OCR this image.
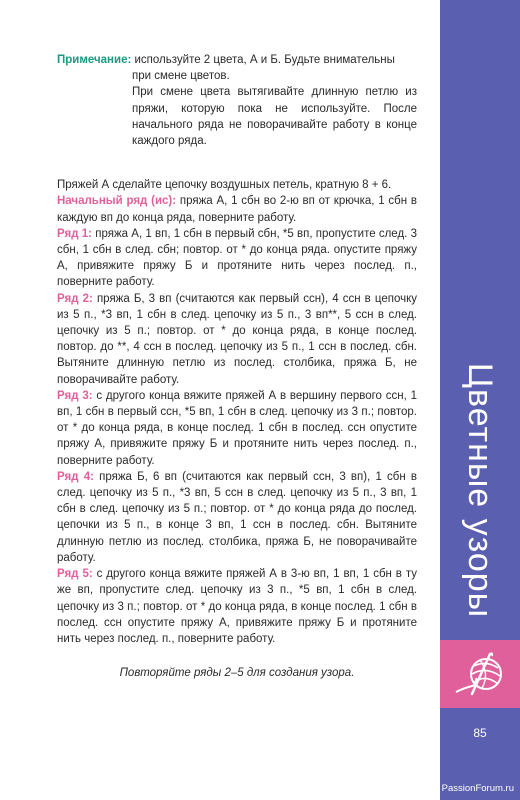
Примечание: используйте 2 цвета, А и Б. Будьте внимательны

при смене цветов.

При смене цвета вытягивайте длинную петлю из пряжи, которую пока не используйте. После начального ряда не поворачивайте работу в конце каждого ряда.

Пряжей А сделайте цепочку воздушных петель, кратную 8 + 6.

Начальный ряд (ис): пряжа А, 1 сбн во 2-ю вп от крючка, 1 сбн в каждую вп до конца ряда, поверните работу.

Ряд 1: пряжа А, 1 вп, 1 сбн в первый сбн, *5 вп, пропустите след. 3 сбн, 1 сбн в след. сбн; повтор. от * до конца ряда. опустите пряжу А, привяжите пряжу Б и протяните нить через послед. п., поверните работу.

Ряд 2: пряжа Б, 3 вп (считаются как первый ссн), 4 ссн в цепочку из 5 п., *3 вп, 1 сбн в след. цепочку из 5 п., 3 вп**, 5 ссн в след. цепочку из 5 п.; повтор. от * до конца ряда, в конце послед. повтор. до **, 4 ссн в послед. цепочку из 5 п., 1 ссн в послед. сбн. Вытяните длинную петлю из послед. столбика, пряжа Б, не поворачивайте работу.

Ряд 3: с другого конца вяжите пряжей А в вершину первого ссн, 1 вп, 1 сбн в первый ссн, *5 вп, 1 сбн в след. цепочку из 3 п.; повтор. от * до конца ряда, в конце послед. 1 сбн в послед. ссн опустите пряжу А, привяжите пряжу Б и протяните нить через послед. п., поверните работу.

Ряд 4: пряжа Б, 6 вп (считаются как первый ссн, 3 вп), 1 сбн в след. цепочку из 5 п., *3 вп, 5 ссн в след. цепочку из 5 п., 3 вп, 1 сбн в след. цепочку из 5 п.; повтор. от * до конца ряда до послед. цепочки из 5 п., в конце 3 вп, 1 ссн в послед. сбн. Вытяните длинную петлю из послед. столбика, пряжа Б, не поворачивайте работу.

Ряд 5: с другого конца вяжите пряжей А в 3-ю вп, 1 вп, 1 сбн в ту же вп, пропустите след. цепочку из 3 п., *5 вп, 1 сбн в след. цепочку из 3 п.; повтор. от * до конца ряда, в конце послед. 1 сбн в послед. ссн опустите пряжу А, привяжите пряжу Б и протяните нить через послед. п., поверните работу.

Повторяйте ряды 2–5 для создания узора.

Цветные узоры
85
PassionForum.ru
